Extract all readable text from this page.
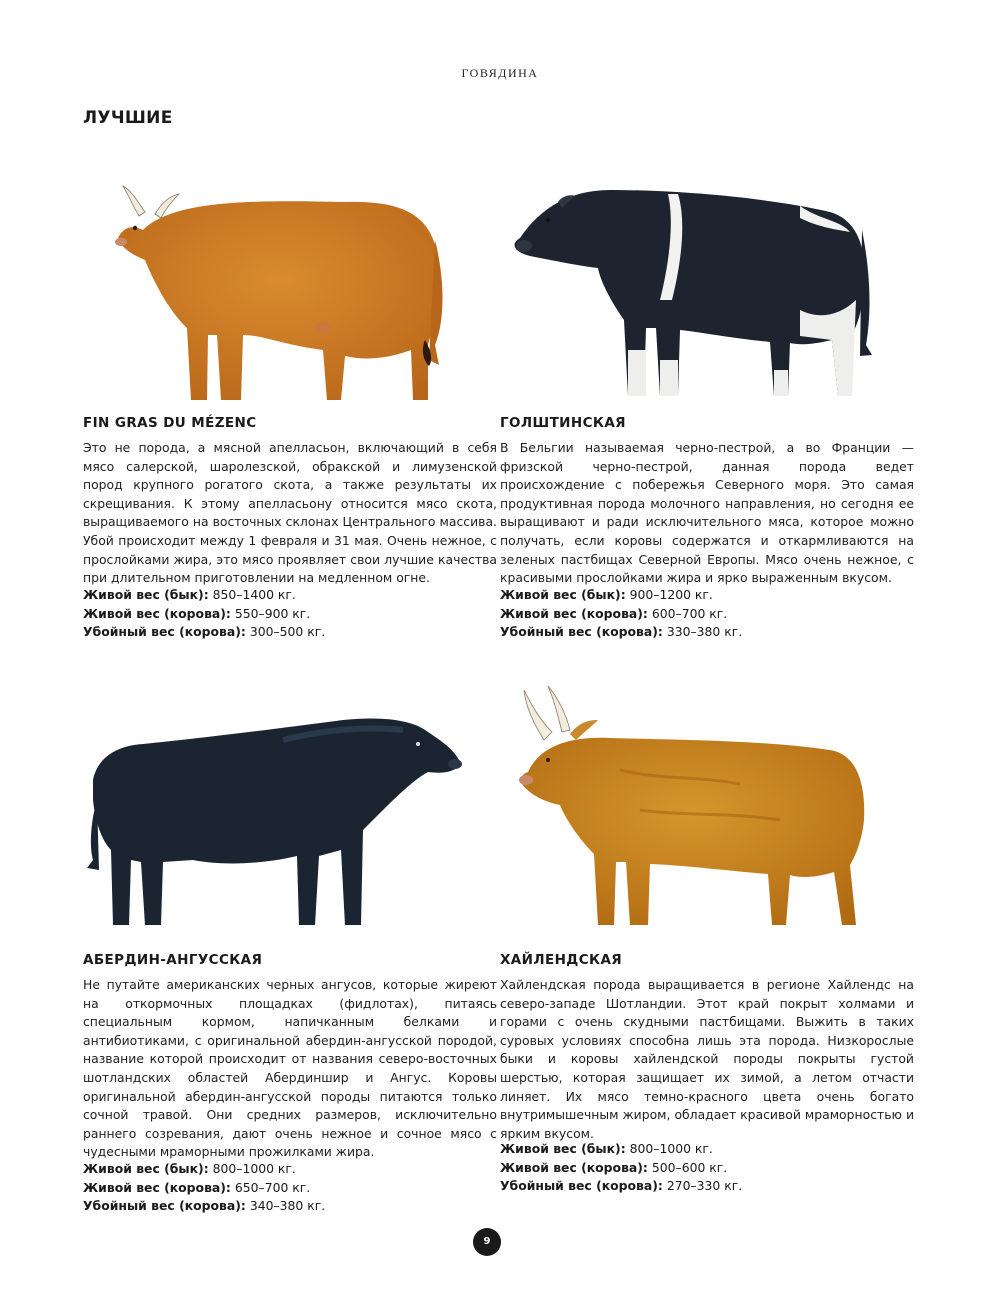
ГОВЯДИНА
ЛУЧШИЕ
FIN GRAS DU MÉZENC

Это не порода, а мясной апелласьон, включающий в себя мясо салерской, шаролезской, обракской и лимузенской пород крупного рогатого скота, а также результаты их скрещивания. К этому апелласьону относится мясо скота, выращиваемого на восточных склонах Центрального массива. Убой происходит между 1 февраля и 31 мая. Очень нежное, с прослойками жира, это мясо проявляет свои лучшие качества при длительном приготовлении на медленном огне.

Живой вес (бык): 850–1400 кг.
Живой вес (корова): 550–900 кг.
Убойный вес (корова): 300–500 кг.
ГОЛШТИНСКАЯ

В Бельгии называемая черно-пестрой, а во Франции — фризской черно-пестрой, данная порода ведет происхождение с побережья Северного моря. Это самая продуктивная порода молочного направления, но сегодня ее выращивают и ради исключительного мяса, которое можно получать, если коровы содержатся и откармливаются на зеленых пастбищах Северной Европы. Мясо очень нежное, с красивыми прослойками жира и ярко выраженным вкусом.

Живой вес (бык): 900–1200 кг.
Живой вес (корова): 600–700 кг.
Убойный вес (корова): 330–380 кг.
АБЕРДИН-АНГУССКАЯ

Не путайте американских черных ангусов, которые жиреют на откормочных площадках (фидлотах), питаясь специальным кормом, напичканным белками и антибиотиками, с оригинальной абердин-ангусской породой, название которой происходит от названия северо-восточных шотландских областей Абердиншир и Ангус. Коровы оригинальной абердин-ангусской породы питаются только сочной травой. Они средних размеров, исключительно раннего созревания, дают очень нежное и сочное мясо с чудесными мраморными прожилками жира.

Живой вес (бык): 800–1000 кг.
Живой вес (корова): 650–700 кг.
Убойный вес (корова): 340–380 кг.
ХАЙЛЕНДСКАЯ

Хайлендская порода выращивается в регионе Хайлендс на северо-западе Шотландии. Этот край покрыт холмами и горами с очень скудными пастбищами. Выжить в таких суровых условиях способна лишь эта порода. Низкорослые быки и коровы хайлендской породы покрыты густой шерстью, которая защищает их зимой, а летом отчасти линяет. Их мясо темно-красного цвета очень богато внутримышечным жиром, обладает красивой мраморностью и ярким вкусом.

Живой вес (бык): 800–1000 кг.
Живой вес (корова): 500–600 кг.
Убойный вес (корова): 270–330 кг.
9
